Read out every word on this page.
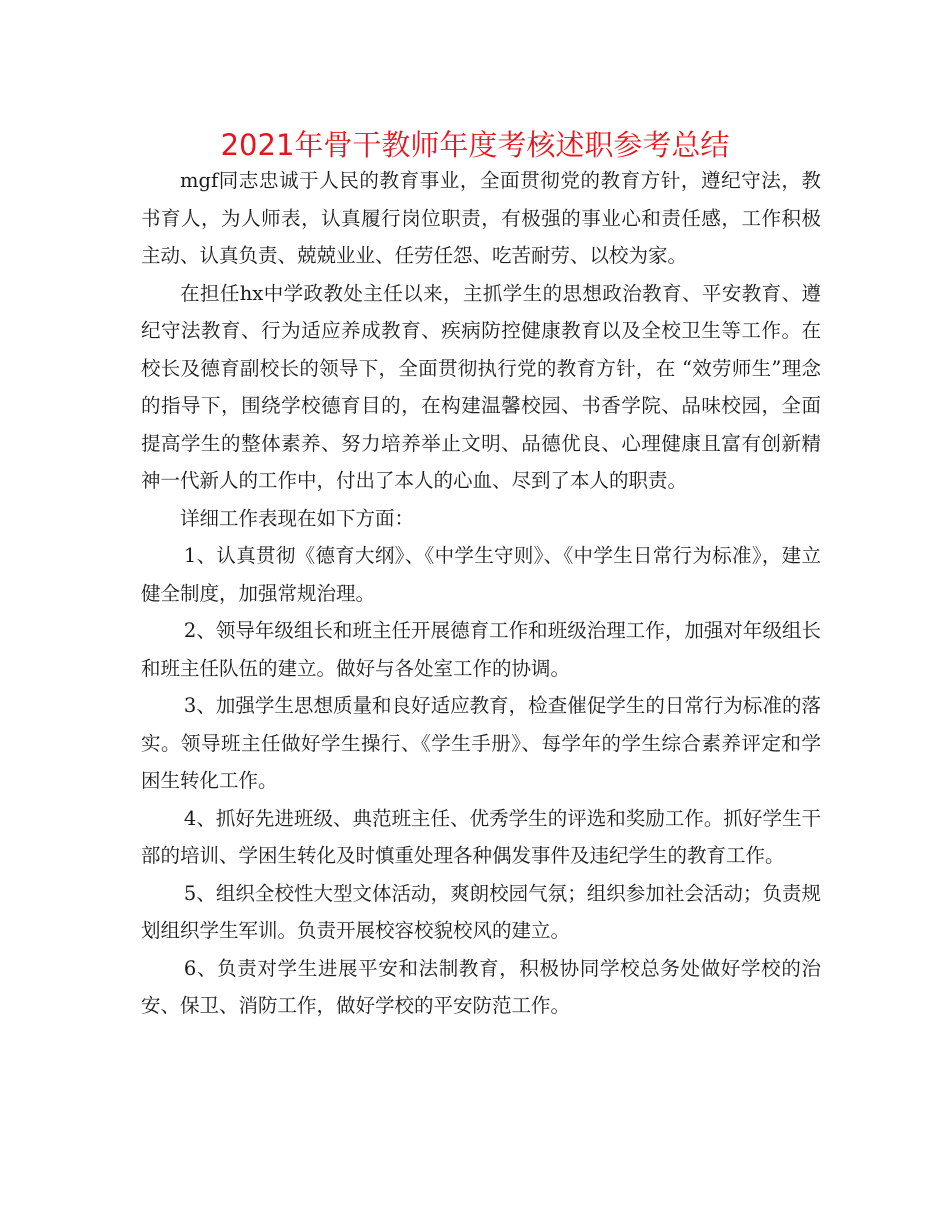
2021年骨干教师年度考核述职参考总结

mgf同志忠诚于人民的教育事业，全面贯彻党的教育方针，遵纪守法，教书育人，为人师表，认真履行岗位职责，有极强的事业心和责任感，工作积极主动、认真负责、兢兢业业、任劳任怨、吃苦耐劳、以校为家。

在担任hx中学政教处主任以来，主抓学生的思想政治教育、平安教育、遵纪守法教育、行为适应养成教育、疾病防控健康教育以及全校卫生等工作。在校长及德育副校长的领导下，全面贯彻执行党的教育方针，在 “效劳师生”理念的指导下，围绕学校德育目的，在构建温馨校园、书香学院、品味校园，全面提高学生的整体素养、努力培养举止文明、品德优良、心理健康且富有创新精神一代新人的工作中，付出了本人的心血、尽到了本人的职责。

详细工作表现在如下方面：

1、认真贯彻《德育大纲》、《中学生守则》、《中学生日常行为标准》，建立健全制度，加强常规治理。

2、领导年级组长和班主任开展德育工作和班级治理工作，加强对年级组长和班主任队伍的建立。做好与各处室工作的协调。

3、加强学生思想质量和良好适应教育，检查催促学生的日常行为标准的落实。领导班主任做好学生操行、《学生手册》、每学年的学生综合素养评定和学困生转化工作。

4、抓好先进班级、典范班主任、优秀学生的评选和奖励工作。抓好学生干部的培训、学困生转化及时慎重处理各种偶发事件及违纪学生的教育工作。

5、组织全校性大型文体活动，爽朗校园气氛；组织参加社会活动；负责规划组织学生军训。负责开展校容校貌校风的建立。

6、负责对学生进展平安和法制教育，积极协同学校总务处做好学校的治安、保卫、消防工作，做好学校的平安防范工作。
